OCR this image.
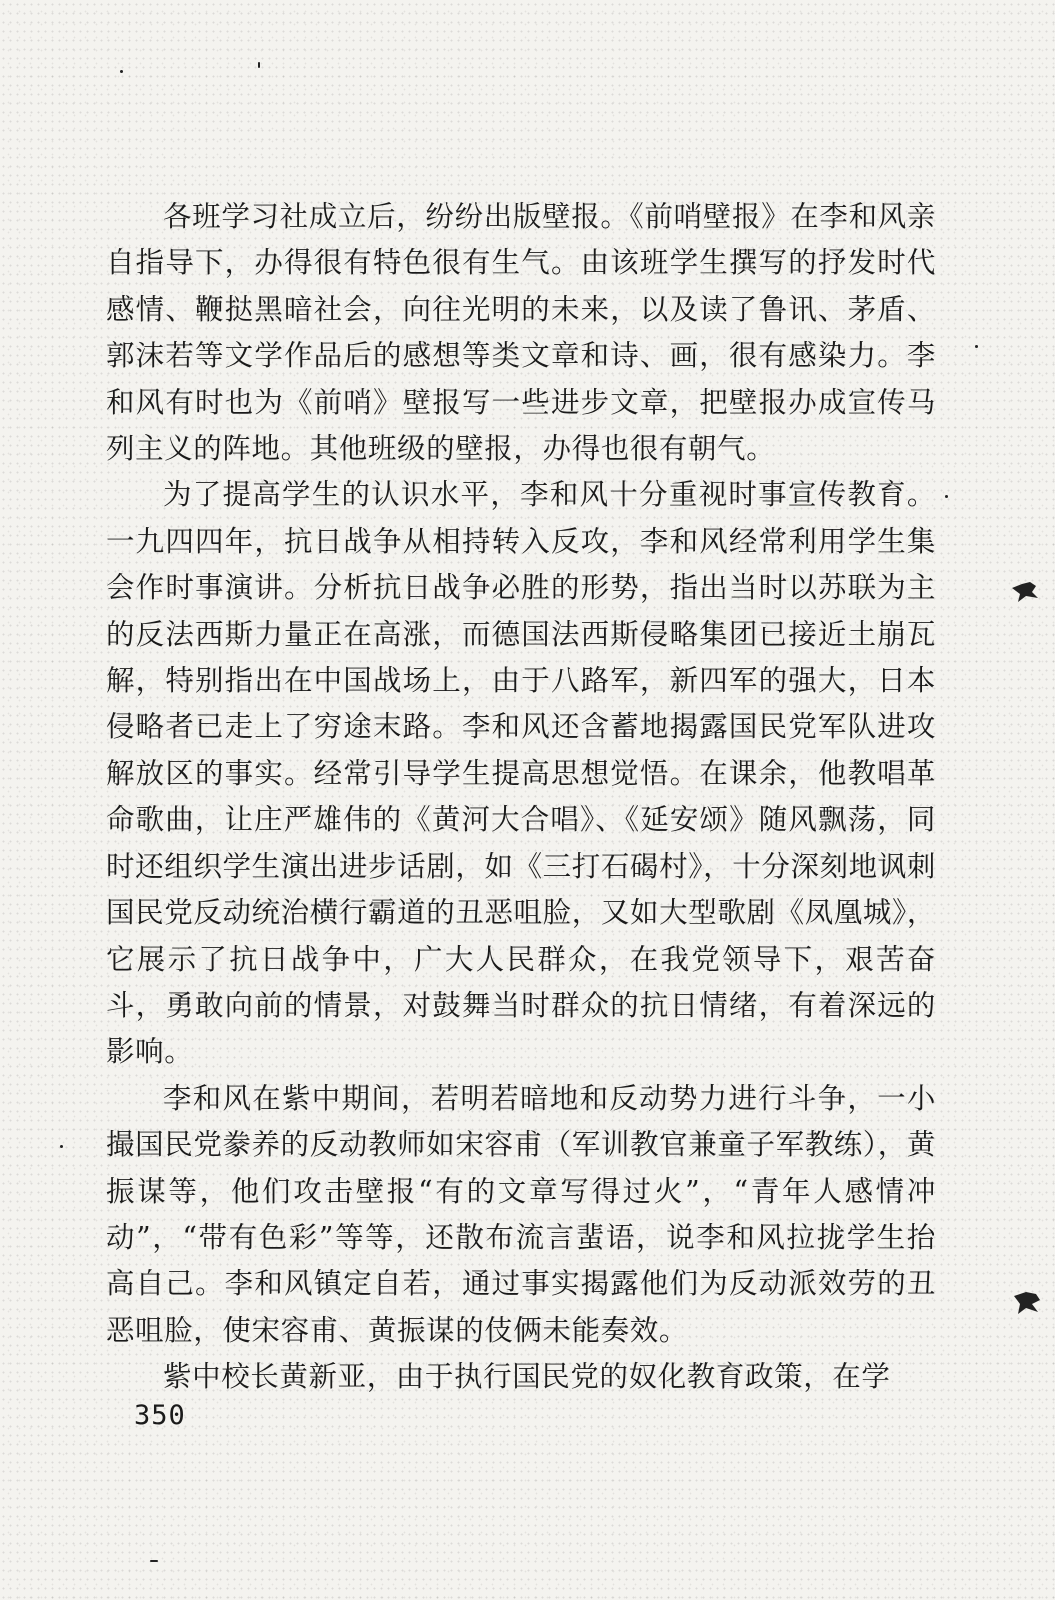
各班学习社成立后，纷纷出版壁报。《前哨壁报》在李和风亲自指导下，办得很有特色很有生气。由该班学生撰写的抒发时代感情、鞭挞黑暗社会，向往光明的未来，以及读了鲁讯、茅盾、郭沫若等文学作品后的感想等类文章和诗、画，很有感染力。李和风有时也为《前哨》壁报写一些进步文章，把壁报办成宣传马列主义的阵地。其他班级的壁报，办得也很有朝气。

为了提高学生的认识水平，李和风十分重视时事宣传教育。一九四四年，抗日战争从相持转入反攻，李和风经常利用学生集会作时事演讲。分析抗日战争必胜的形势，指出当时以苏联为主的反法西斯力量正在高涨，而德国法西斯侵略集团已接近土崩瓦解，特别指出在中国战场上，由于八路军，新四军的强大，日本侵略者已走上了穷途末路。李和风还含蓄地揭露国民党军队进攻解放区的事实。经常引导学生提高思想觉悟。在课余，他教唱革命歌曲，让庄严雄伟的《黄河大合唱》、《延安颂》随风飘荡，同时还组织学生演出进步话剧，如《三打石碣村》，十分深刻地讽刺国民党反动统治横行霸道的丑恶咀脸，又如大型歌剧《凤凰城》，它展示了抗日战争中，广大人民群众，在我党领导下，艰苦奋斗，勇敢向前的情景，对鼓舞当时群众的抗日情绪，有着深远的影响。

李和风在紫中期间，若明若暗地和反动势力进行斗争，一小撮国民党豢养的反动教师如宋容甫（军训教官兼童子军教练），黄振谋等，他们攻击壁报“有的文章写得过火”，“青年人感情冲动”，“带有色彩”等等，还散布流言蜚语，说李和风拉拢学生抬高自己。李和风镇定自若，通过事实揭露他们为反动派效劳的丑恶咀脸，使宋容甫、黄振谋的伎俩未能奏效。

紫中校长黄新亚，由于执行国民党的奴化教育政策，在学

350
